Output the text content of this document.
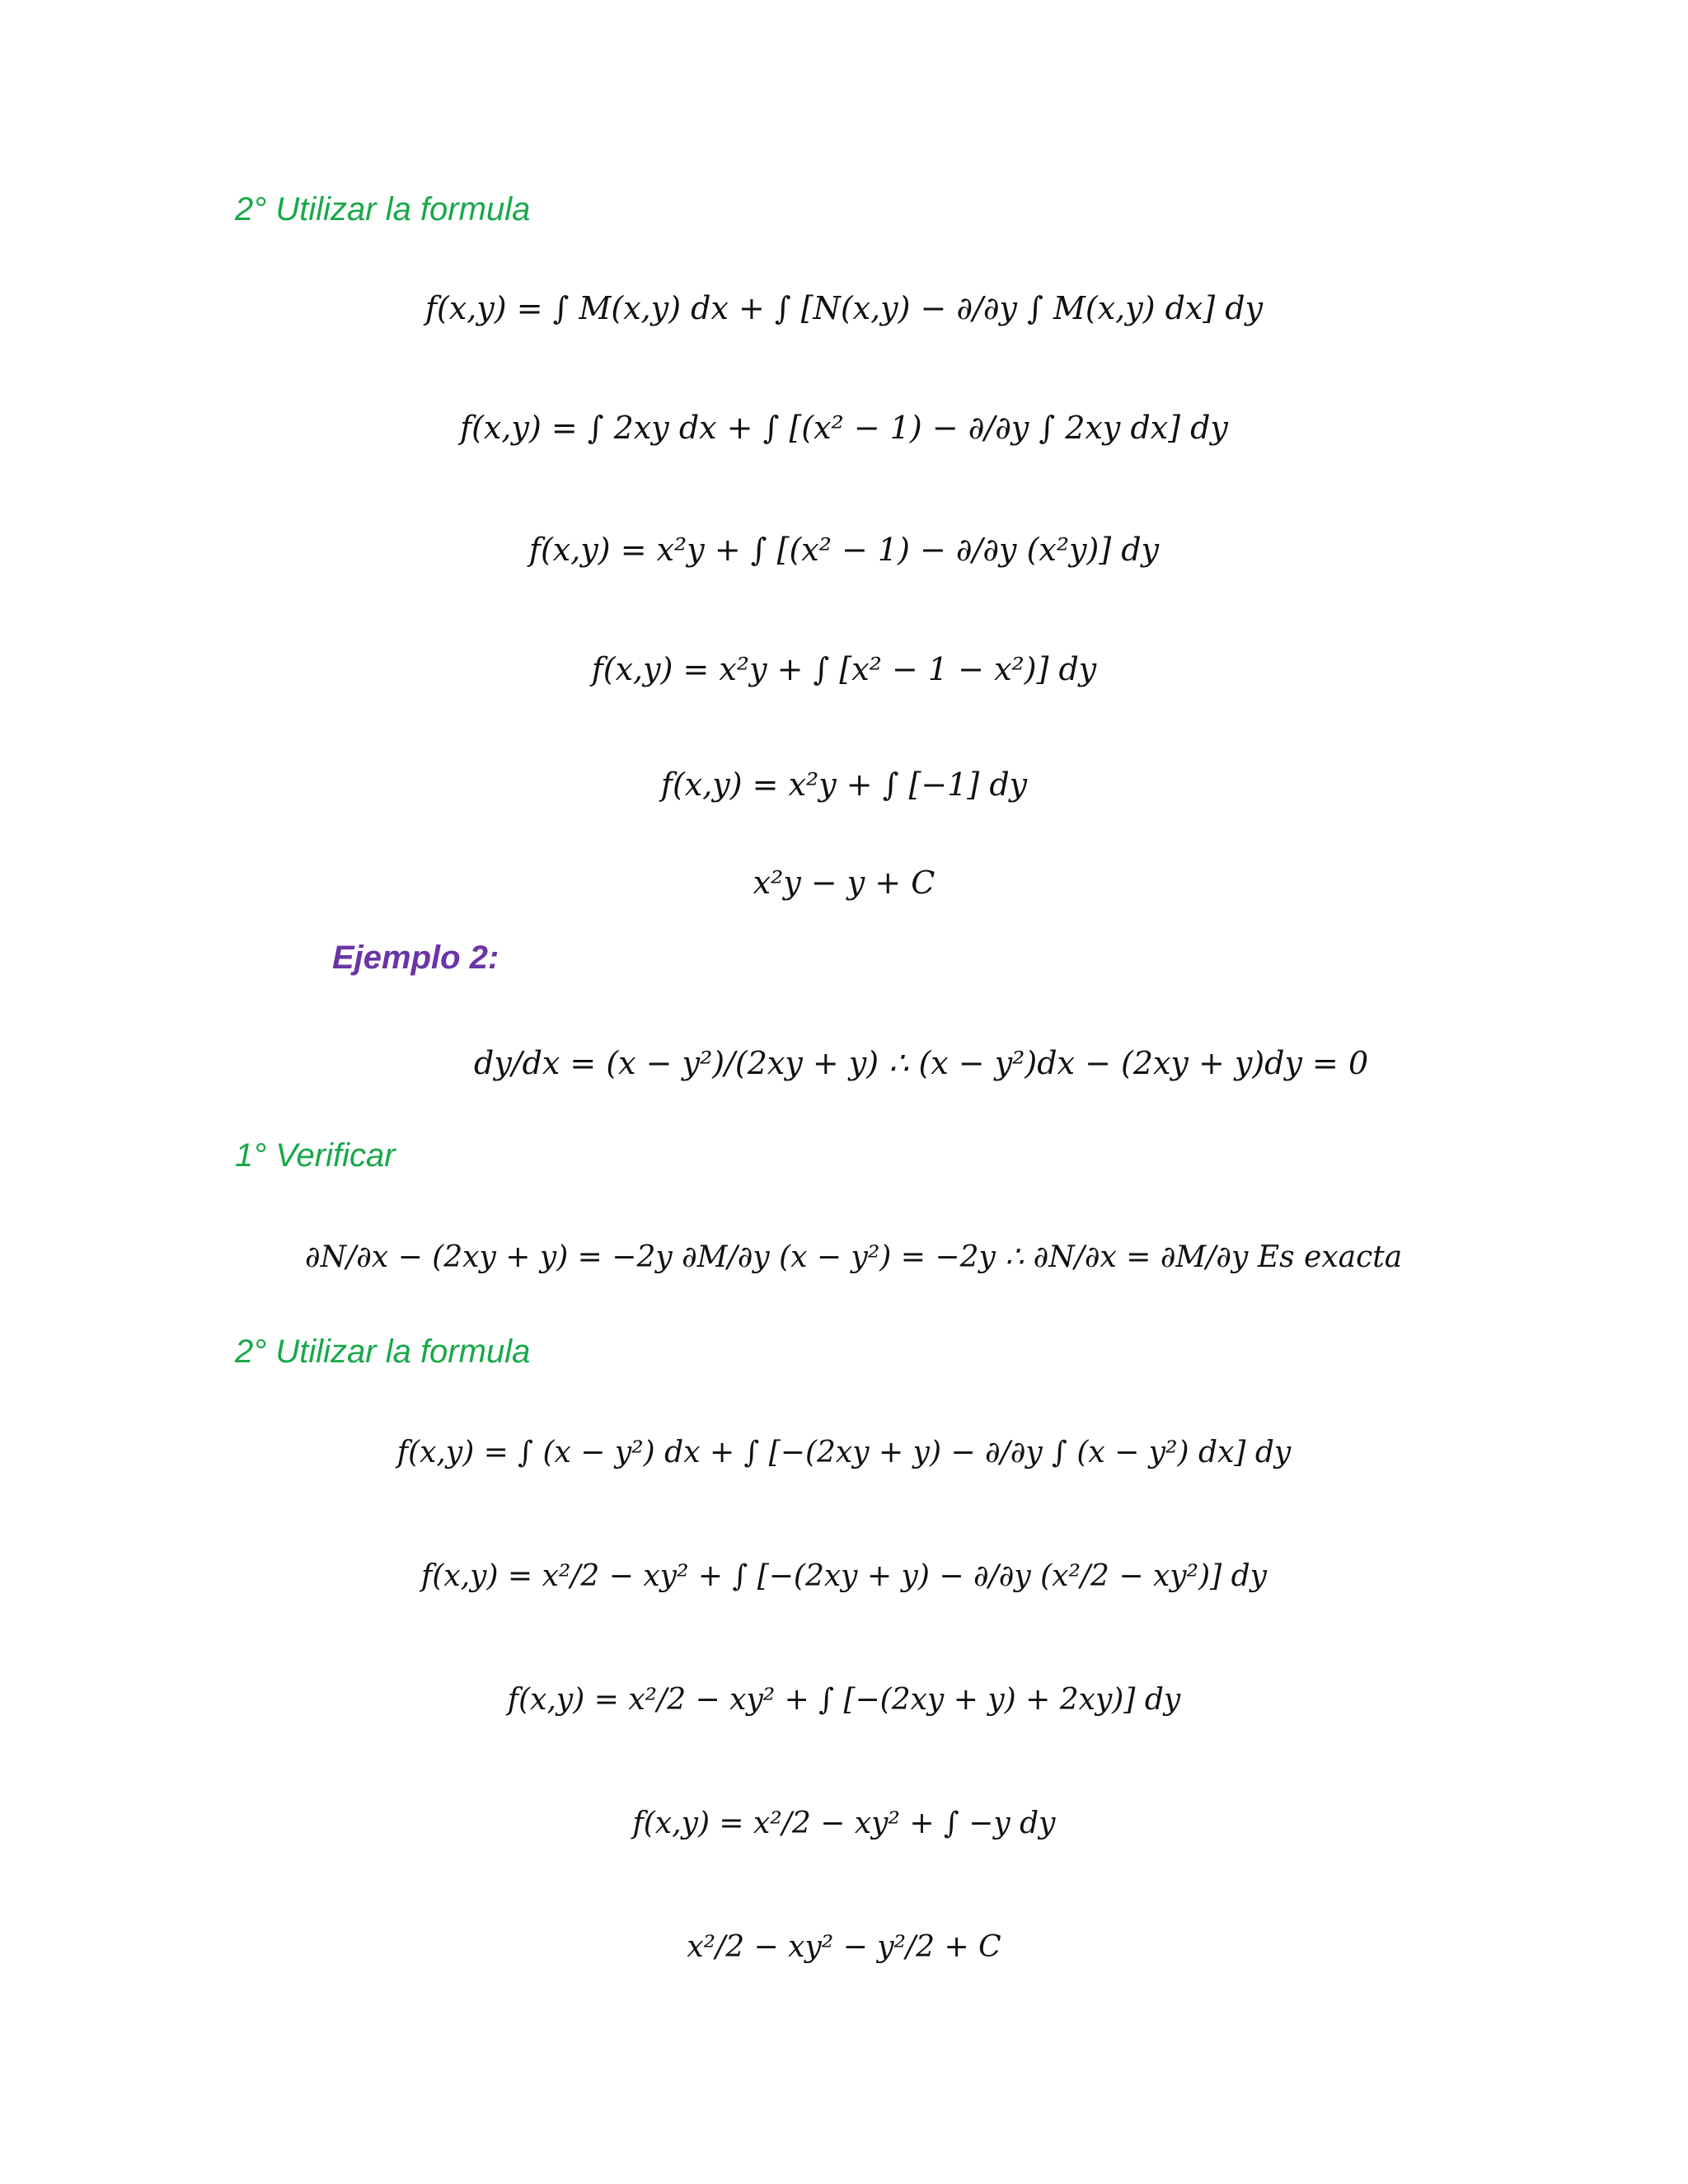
2° Utilizar la formula
f(x,y) = ∫ M(x,y) dx + ∫ [N(x,y) − ∂/∂y ∫ M(x,y) dx] dy
f(x,y) = ∫ 2xy dx + ∫ [(x² − 1) − ∂/∂y ∫ 2xy dx] dy
f(x,y) = x²y + ∫ [(x² − 1) − ∂/∂y (x²y)] dy
f(x,y) = x²y + ∫ [x² − 1 − x²)] dy
f(x,y) = x²y + ∫ [−1] dy
x²y − y + C
Ejemplo 2:
dy/dx = (x − y²)/(2xy + y) ∴ (x − y²)dx − (2xy + y)dy = 0
1° Verificar
∂N/∂x − (2xy + y) = −2y ∂M/∂y (x − y²) = −2y ∴ ∂N/∂x = ∂M/∂y Es exacta
2° Utilizar la formula
f(x,y) = ∫ (x − y²) dx + ∫ [−(2xy + y) − ∂/∂y ∫ (x − y²) dx] dy
f(x,y) = x²/2 − xy² + ∫ [−(2xy + y) − ∂/∂y (x²/2 − xy²)] dy
f(x,y) = x²/2 − xy² + ∫ [−(2xy + y) + 2xy)] dy
f(x,y) = x²/2 − xy² + ∫ −y dy
x²/2 − xy² − y²/2 + C
